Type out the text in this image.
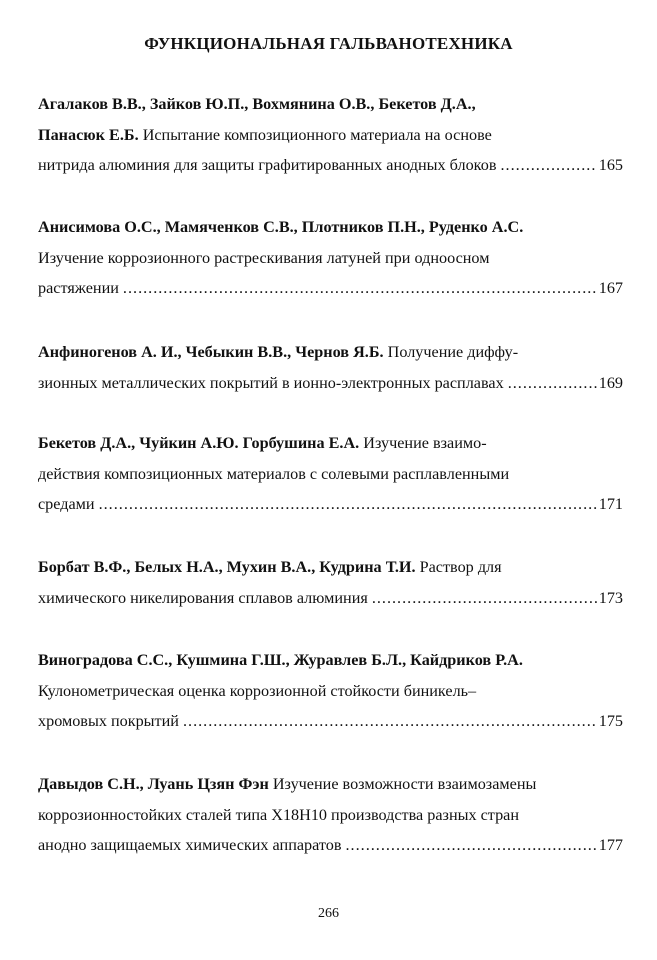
ФУНКЦИОНАЛЬНАЯ ГАЛЬВАНОТЕХНИКА
Агалаков В.В., Зайков Ю.П., Вохмянина О.В., Бекетов Д.А.,
Панасюк Е.Б. Испытание композиционного материала на основе
нитрида алюминия для защиты графитированных анодных блоков .....	165
Анисимова О.С., Мамяченков С.В., Плотников П.Н., Руденко А.С.
Изучение коррозионного растрескивания латуней при одноосном
растяжении .....	167
Анфиногенов А. И., Чебыкин В.В., Чернов Я.Б. Получение диффу-
зионных металлических покрытий в ионно-электронных расплавах .....	169
Бекетов Д.А., Чуйкин А.Ю. Горбушина Е.А. Изучение взаимо-
действия композиционных материалов с солевыми расплавленными
средами .....	171
Борбат В.Ф., Белых Н.А., Мухин В.А., Кудрина Т.И. Раствор для
химического никелирования сплавов алюминия .....	173
Виноградова С.С., Кушмина Г.Ш., Журавлев Б.Л., Кайдриков Р.А.
Кулонометрическая оценка коррозионной стойкости биникель–
хромовых покрытий .....	175
Давыдов С.Н., Луань Цзян Фэн Изучение возможности взаимозамены
коррозионностойких сталей типа Х18Н10 производства разных стран
анодно защищаемых химических аппаратов .....	177
266
